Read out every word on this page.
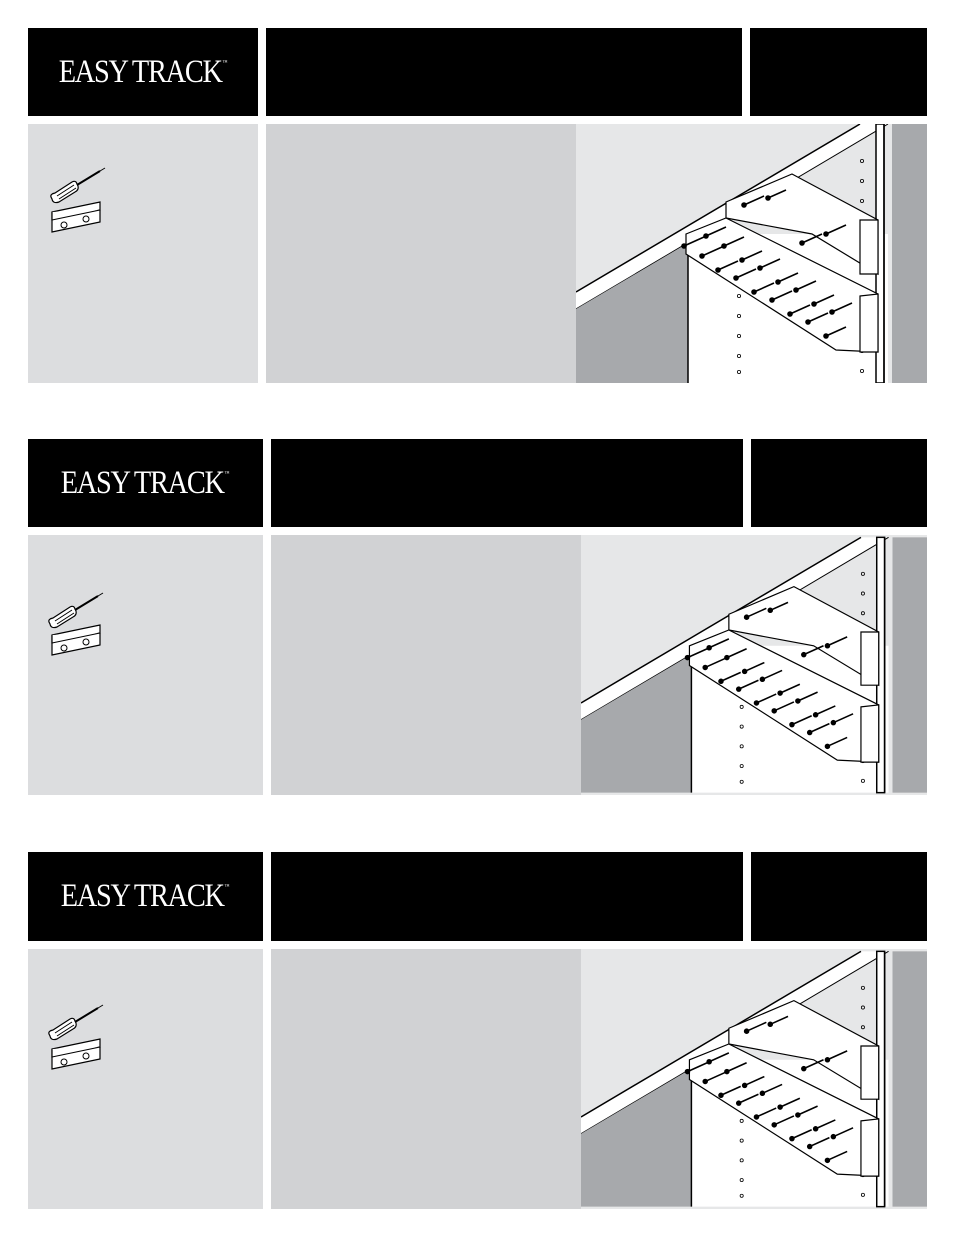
EASY TRACK™
EASY TRACK™
EASY TRACK™
